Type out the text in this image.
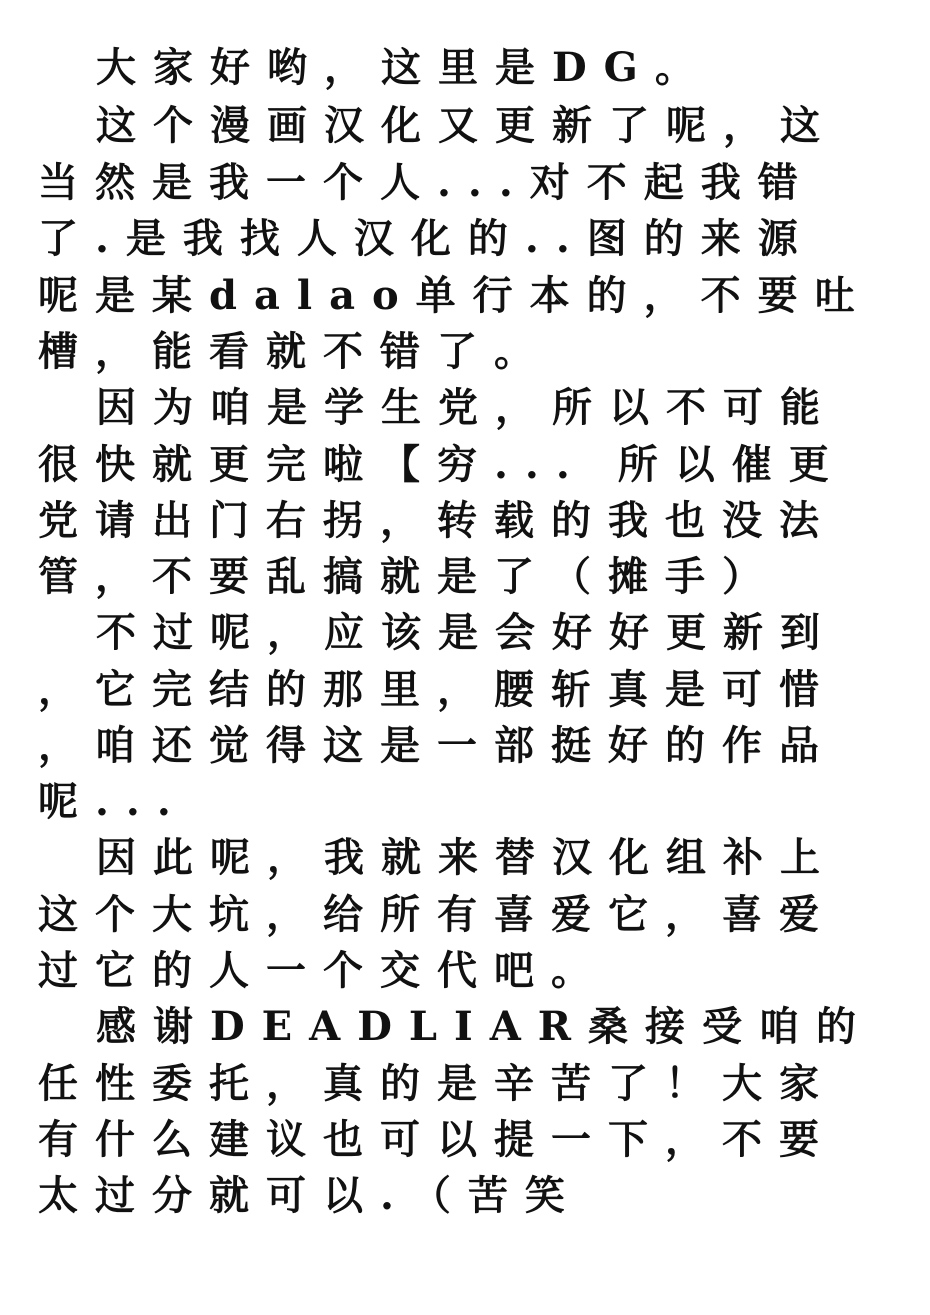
大家好哟，这里是DG。
这个漫画汉化又更新了呢，这
当然是我一个人...对不起我错
了.是我找人汉化的..图的来源
呢是某dalao单行本的，不要吐
槽，能看就不错了。
因为咱是学生党，所以不可能
很快就更完啦【穷... 所以催更
党请出门右拐，转载的我也没法
管，不要乱搞就是了（摊手）
不过呢，应该是会好好更新到
，它完结的那里，腰斩真是可惜
，咱还觉得这是一部挺好的作品
呢...
因此呢，我就来替汉化组补上
这个大坑，给所有喜爱它，喜爱
过它的人一个交代吧。
感谢DEADLIAR桑接受咱的
任性委托，真的是辛苦了！大家
有什么建议也可以提一下，不要
太过分就可以.（苦笑
